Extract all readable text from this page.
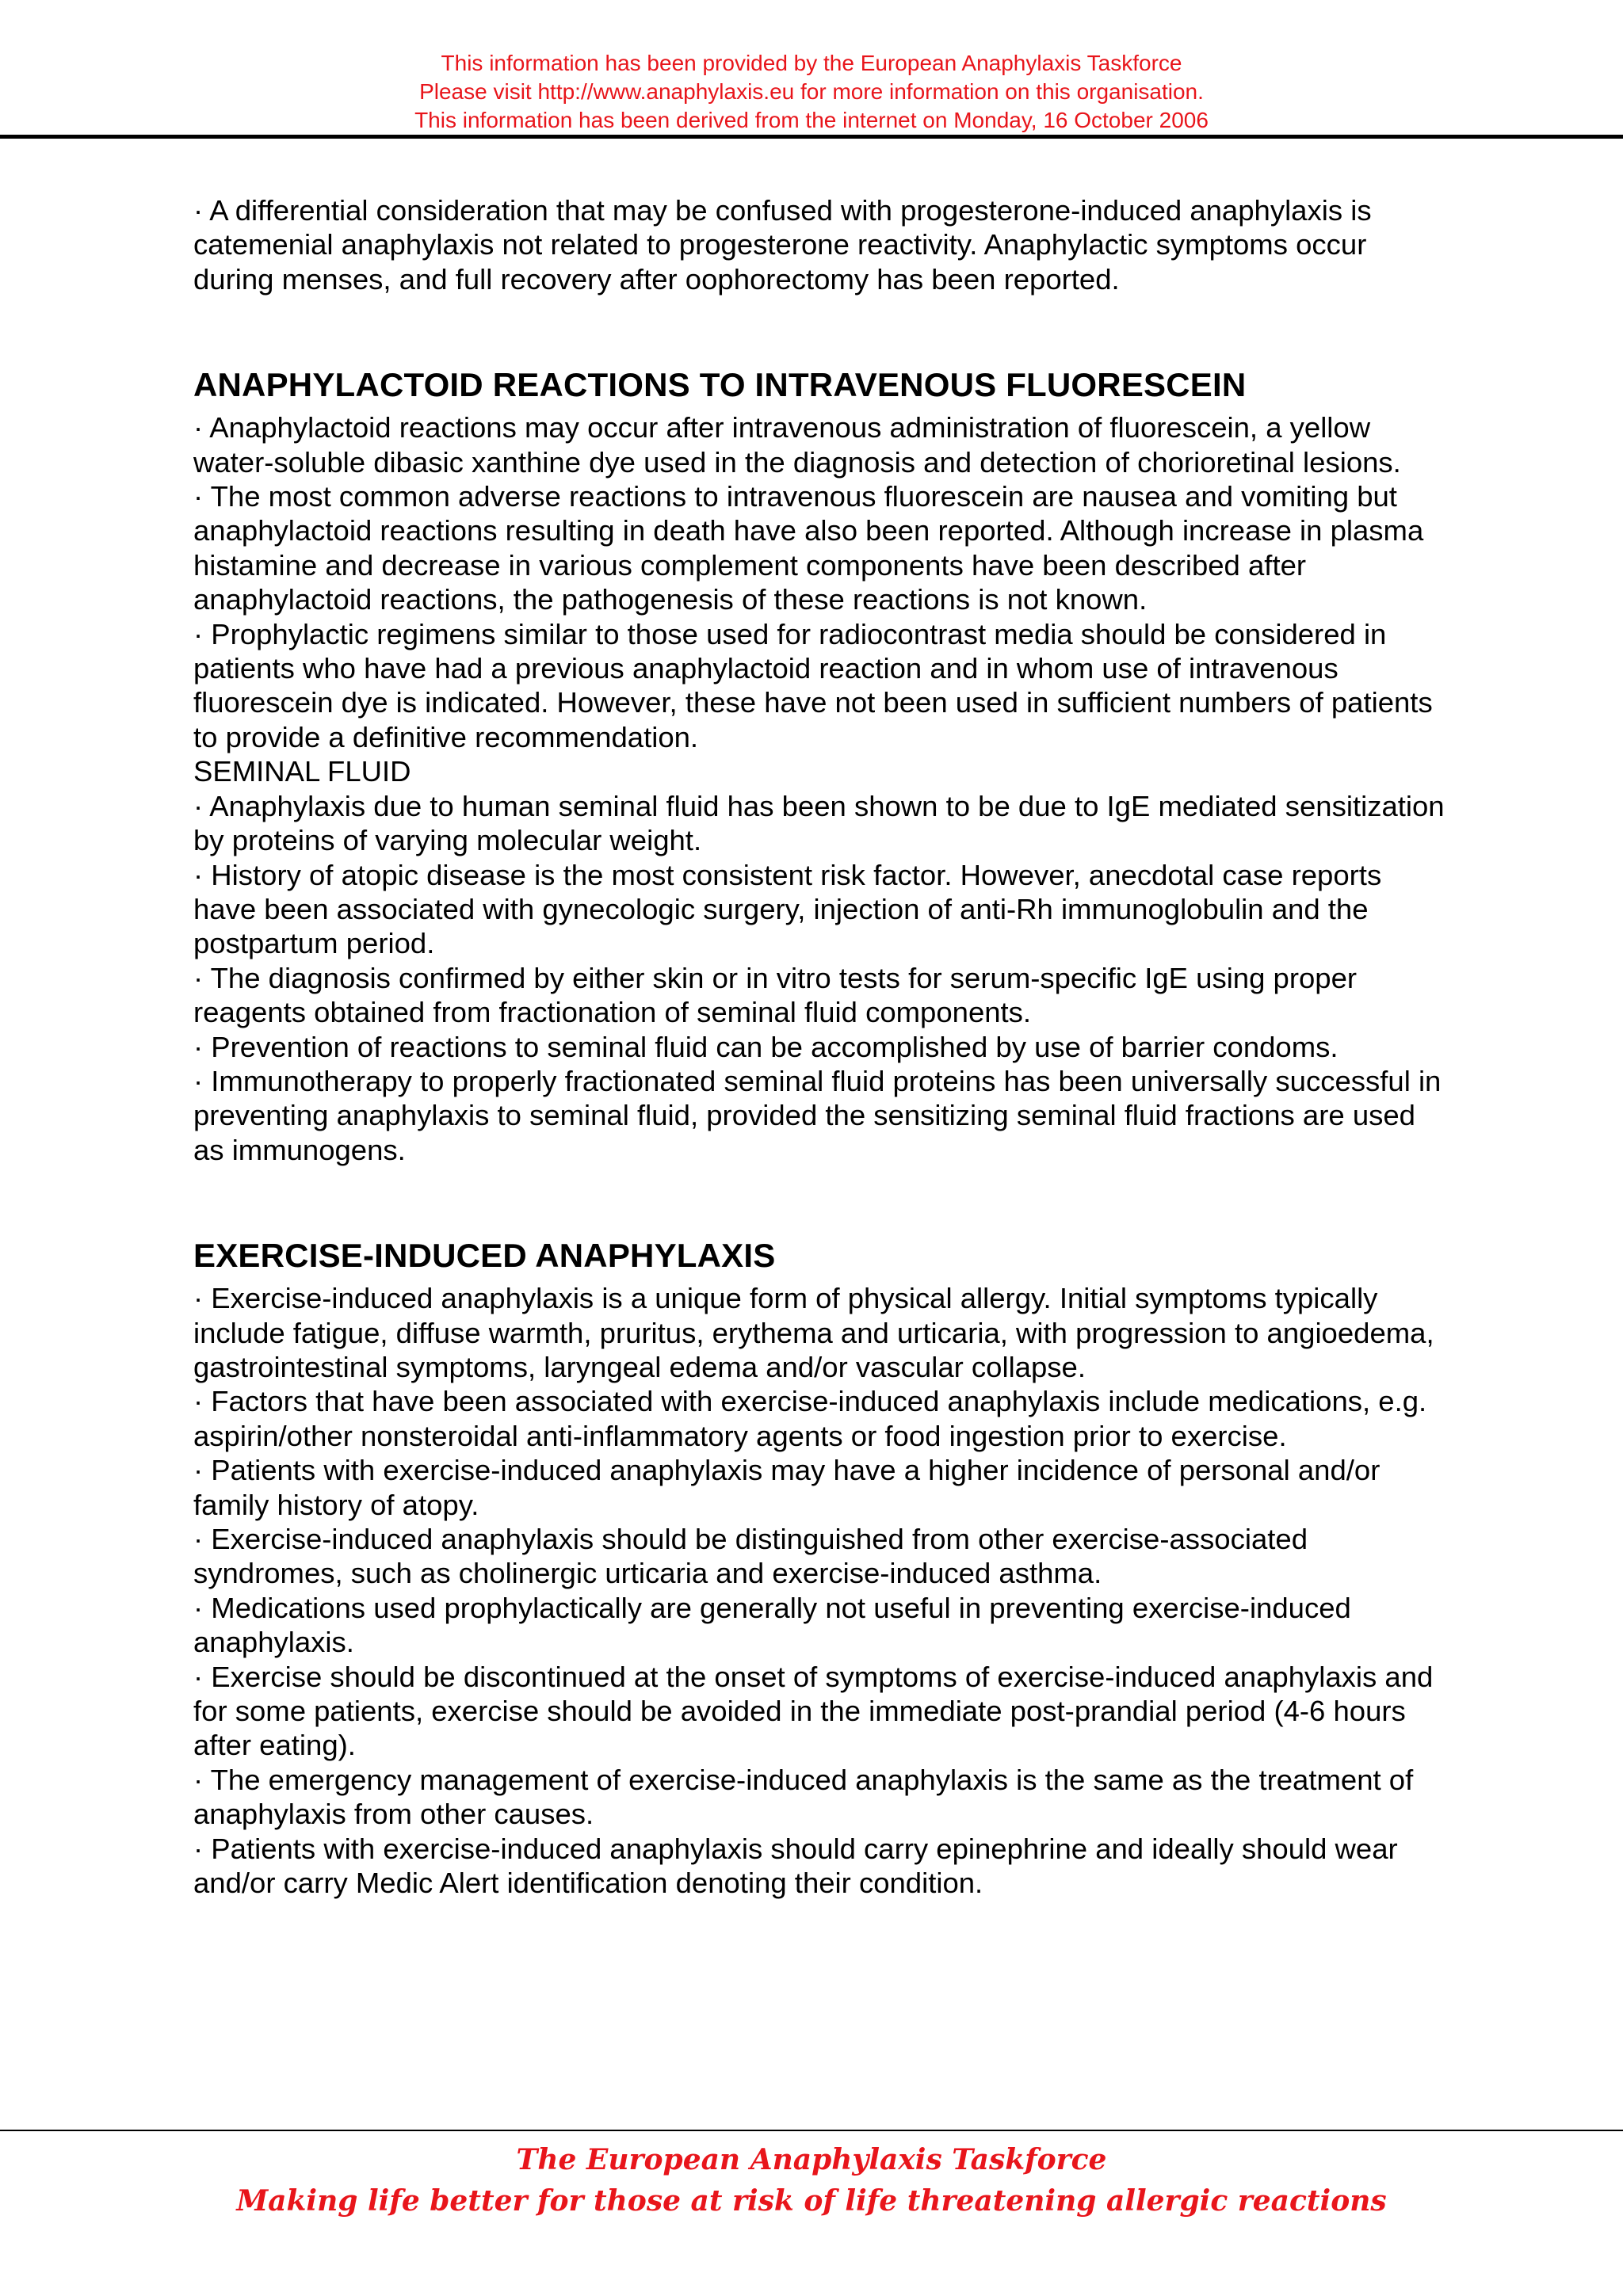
This information has been provided by the European Anaphylaxis Taskforce
Please visit http://www.anaphylaxis.eu for more information on this organisation.
This information has been derived from the internet on Monday, 16 October 2006

· A differential consideration that may be confused with progesterone-induced anaphylaxis is catemenial anaphylaxis not related to progesterone reactivity. Anaphylactic symptoms occur during menses, and full recovery after oophorectomy has been reported.

ANAPHYLACTOID REACTIONS TO INTRAVENOUS FLUORESCEIN

· Anaphylactoid reactions may occur after intravenous administration of fluorescein, a yellow water-soluble dibasic xanthine dye used in the diagnosis and detection of chorioretinal lesions.

· The most common adverse reactions to intravenous fluorescein are nausea and vomiting but anaphylactoid reactions resulting in death have also been reported. Although increase in plasma histamine and decrease in various complement components have been described after anaphylactoid reactions, the pathogenesis of these reactions is not known.

· Prophylactic regimens similar to those used for radiocontrast media should be considered in patients who have had a previous anaphylactoid reaction and in whom use of intravenous fluorescein dye is indicated. However, these have not been used in sufficient numbers of patients to provide a definitive recommendation.

SEMINAL FLUID

· Anaphylaxis due to human seminal fluid has been shown to be due to IgE mediated sensitization by proteins of varying molecular weight.

· History of atopic disease is the most consistent risk factor. However, anecdotal case reports have been associated with gynecologic surgery, injection of anti-Rh immunoglobulin and the postpartum period.

· The diagnosis confirmed by either skin or in vitro tests for serum-specific IgE using proper reagents obtained from fractionation of seminal fluid components.

· Prevention of reactions to seminal fluid can be accomplished by use of barrier condoms.

· Immunotherapy to properly fractionated seminal fluid proteins has been universally successful in preventing anaphylaxis to seminal fluid, provided the sensitizing seminal fluid fractions are used as immunogens.

EXERCISE-INDUCED ANAPHYLAXIS

· Exercise-induced anaphylaxis is a unique form of physical allergy. Initial symptoms typically include fatigue, diffuse warmth, pruritus, erythema and urticaria, with progression to angioedema, gastrointestinal symptoms, laryngeal edema and/or vascular collapse.

· Factors that have been associated with exercise-induced anaphylaxis include medications, e.g. aspirin/other nonsteroidal anti-inflammatory agents or food ingestion prior to exercise.

· Patients with exercise-induced anaphylaxis may have a higher incidence of personal and/or family history of atopy.

· Exercise-induced anaphylaxis should be distinguished from other exercise-associated syndromes, such as cholinergic urticaria and exercise-induced asthma.

· Medications used prophylactically are generally not useful in preventing exercise-induced anaphylaxis.

· Exercise should be discontinued at the onset of symptoms of exercise-induced anaphylaxis and for some patients, exercise should be avoided in the immediate post-prandial period (4-6 hours after eating).

· The emergency management of exercise-induced anaphylaxis is the same as the treatment of anaphylaxis from other causes.

· Patients with exercise-induced anaphylaxis should carry epinephrine and ideally should wear and/or carry Medic Alert identification denoting their condition.

The European Anaphylaxis Taskforce
Making life better for those at risk of life threatening allergic reactions
